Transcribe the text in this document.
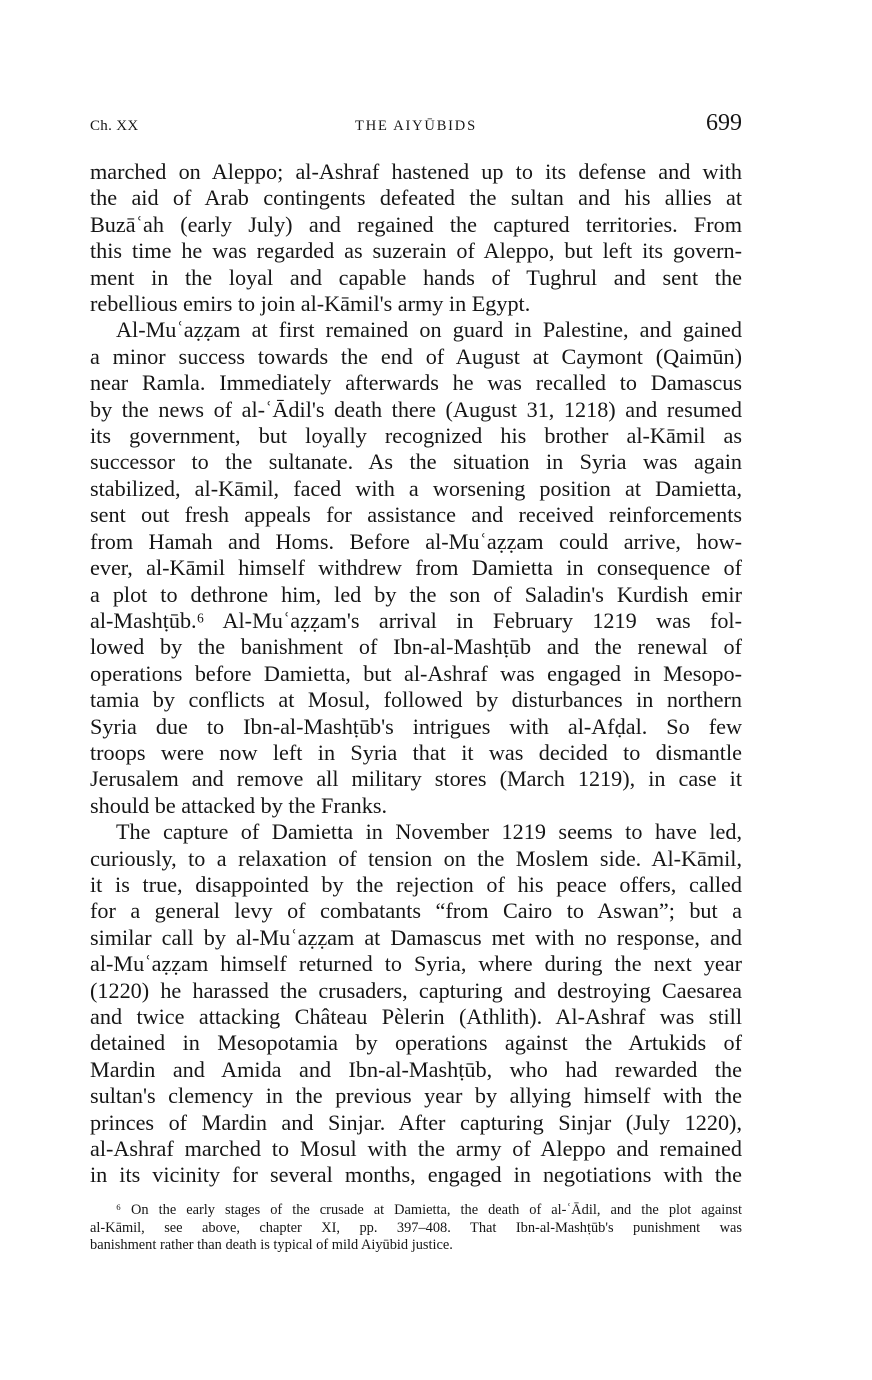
Ch. XX	THE AIYŪBIDS	699
marched on Aleppo; al-Ashraf hastened up to its defense and with
the aid of Arab contingents defeated the sultan and his allies at
Buzāʿah (early July) and regained the captured territories. From
this time he was regarded as suzerain of Aleppo, but left its govern-
ment in the loyal and capable hands of Tughrul and sent the
rebellious emirs to join al-Kāmil's army in Egypt.
Al-Muʿaẓẓam at first remained on guard in Palestine, and gained
a minor success towards the end of August at Caymont (Qaimūn)
near Ramla. Immediately afterwards he was recalled to Damascus
by the news of al-ʿĀdil's death there (August 31, 1218) and resumed
its government, but loyally recognized his brother al-Kāmil as
successor to the sultanate. As the situation in Syria was again
stabilized, al-Kāmil, faced with a worsening position at Damietta,
sent out fresh appeals for assistance and received reinforcements
from Hamah and Homs. Before al-Muʿaẓẓam could arrive, how-
ever, al-Kāmil himself withdrew from Damietta in consequence of
a plot to dethrone him, led by the son of Saladin's Kurdish emir
al-Mashṭūb.⁶ Al-Muʿaẓẓam's arrival in February 1219 was fol-
lowed by the banishment of Ibn-al-Mashṭūb and the renewal of
operations before Damietta, but al-Ashraf was engaged in Mesopo-
tamia by conflicts at Mosul, followed by disturbances in northern
Syria due to Ibn-al-Mashṭūb's intrigues with al-Afḍal. So few
troops were now left in Syria that it was decided to dismantle
Jerusalem and remove all military stores (March 1219), in case it
should be attacked by the Franks.
The capture of Damietta in November 1219 seems to have led,
curiously, to a relaxation of tension on the Moslem side. Al-Kāmil,
it is true, disappointed by the rejection of his peace offers, called
for a general levy of combatants “from Cairo to Aswan”; but a
similar call by al-Muʿaẓẓam at Damascus met with no response, and
al-Muʿaẓẓam himself returned to Syria, where during the next year
(1220) he harassed the crusaders, capturing and destroying Caesarea
and twice attacking Château Pèlerin (Athlith). Al-Ashraf was still
detained in Mesopotamia by operations against the Artukids of
Mardin and Amida and Ibn-al-Mashṭūb, who had rewarded the
sultan's clemency in the previous year by allying himself with the
princes of Mardin and Sinjar. After capturing Sinjar (July 1220),
al-Ashraf marched to Mosul with the army of Aleppo and remained
in its vicinity for several months, engaged in negotiations with the
⁶ On the early stages of the crusade at Damietta, the death of al-ʿĀdil, and the plot against
al-Kāmil, see above, chapter XI, pp. 397–408. That Ibn-al-Mashṭūb's punishment was
banishment rather than death is typical of mild Aiyūbid justice.
